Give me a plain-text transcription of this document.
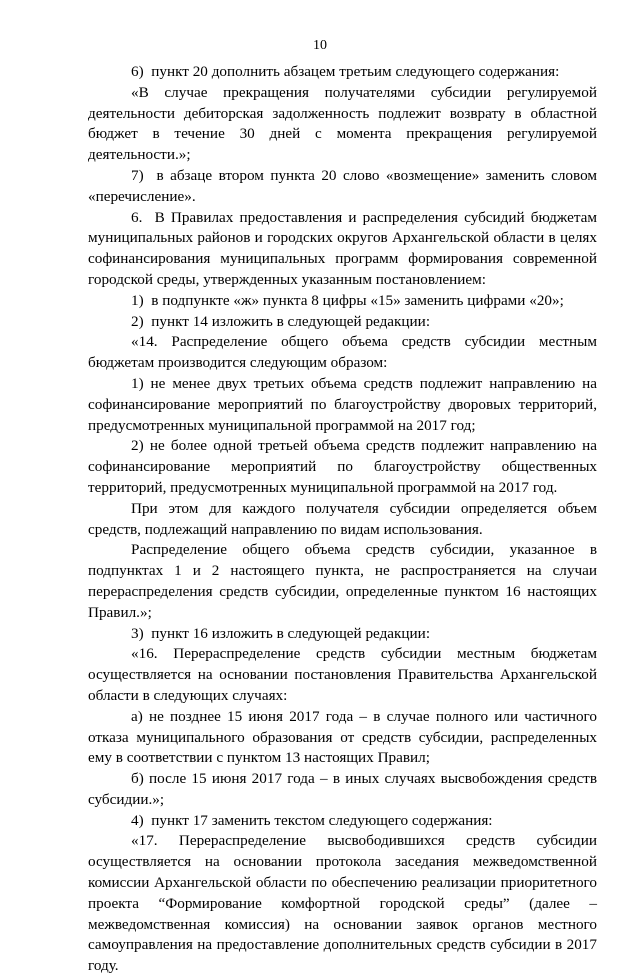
10

6)  пункт 20 дополнить абзацем третьим следующего содержания:

«В случае прекращения получателями субсидии регулируемой деятельности дебиторская задолженность подлежит возврату в областной бюджет в течение 30 дней с момента прекращения регулируемой деятельности.»;

7)  в абзаце втором пункта 20 слово «возмещение» заменить словом «перечисление».

6.  В Правилах предоставления и распределения субсидий бюджетам муниципальных районов и городских округов Архангельской области в целях софинансирования муниципальных программ формирования современной городской среды, утвержденных указанным постановлением:

1)  в подпункте «ж» пункта 8 цифры «15» заменить цифрами «20»;

2)  пункт 14 изложить в следующей редакции:

«14. Распределение общего объема средств субсидии местным бюджетам производится следующим образом:

1) не менее двух третьих объема средств подлежит направлению на софинансирование мероприятий по благоустройству дворовых территорий, предусмотренных муниципальной программой на 2017 год;

2) не более одной третьей объема средств подлежит направлению на софинансирование мероприятий по благоустройству общественных территорий, предусмотренных муниципальной программой на 2017 год.

При этом для каждого получателя субсидии определяется объем средств, подлежащий направлению по видам использования.

Распределение общего объема средств субсидии, указанное в подпунктах 1 и 2 настоящего пункта, не распространяется на случаи перераспределения средств субсидии, определенные пунктом 16 настоящих Правил.»;

3)  пункт 16 изложить в следующей редакции:

«16. Перераспределение средств субсидии местным бюджетам осуществляется на основании постановления Правительства Архангельской области в следующих случаях:

а) не позднее 15 июня 2017 года – в случае полного или частичного отказа муниципального образования от средств субсидии, распределенных ему в соответствии с пунктом 13 настоящих Правил;

б) после 15 июня 2017 года – в иных случаях высвобождения средств субсидии.»;

4)  пункт 17 заменить текстом следующего содержания:

«17. Перераспределение высвободившихся средств субсидии осуществляется на основании протокола заседания межведомственной комиссии Архангельской области по обеспечению реализации приоритетного проекта “Формирование комфортной городской среды” (далее – межведомственная комиссия) на основании заявок органов местного самоуправления на предоставление дополнительных средств субсидии в 2017 году.
